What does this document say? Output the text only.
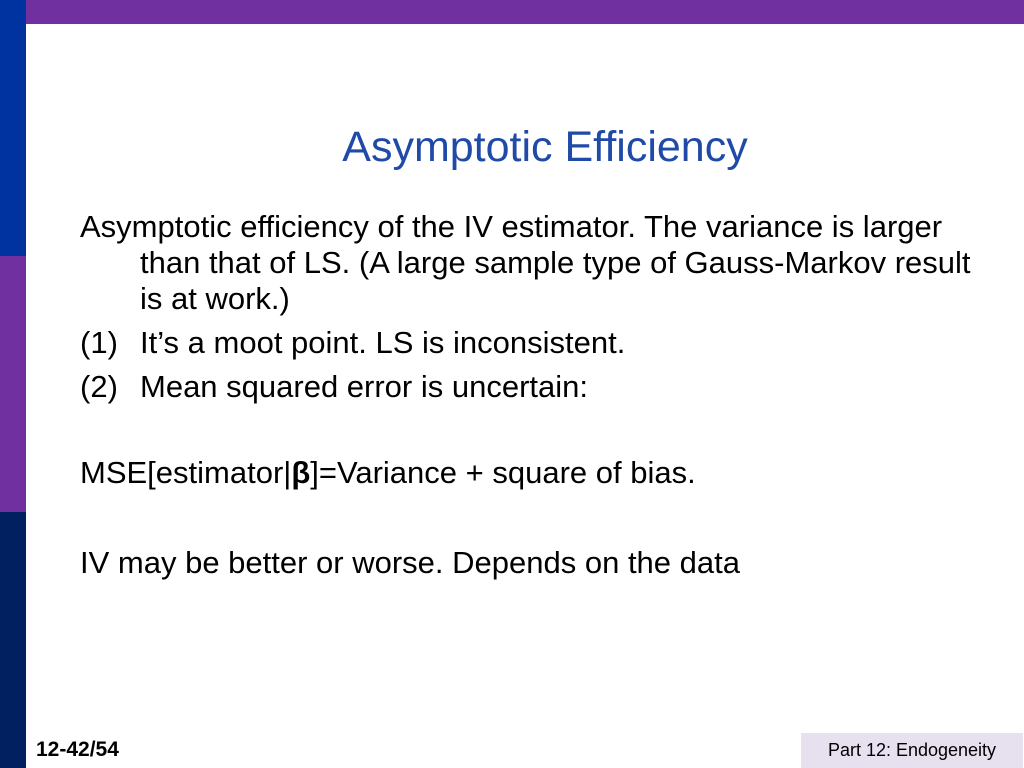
Asymptotic Efficiency

Asymptotic efficiency of the IV estimator. The variance is larger than that of LS. (A large sample type of Gauss-Markov result is at work.)

(1) It’s a moot point. LS is inconsistent.
(2) Mean squared error is uncertain:

MSE[estimator|β]=Variance + square of bias.

IV may be better or worse. Depends on the data

12-42/54	Part 12: Endogeneity
